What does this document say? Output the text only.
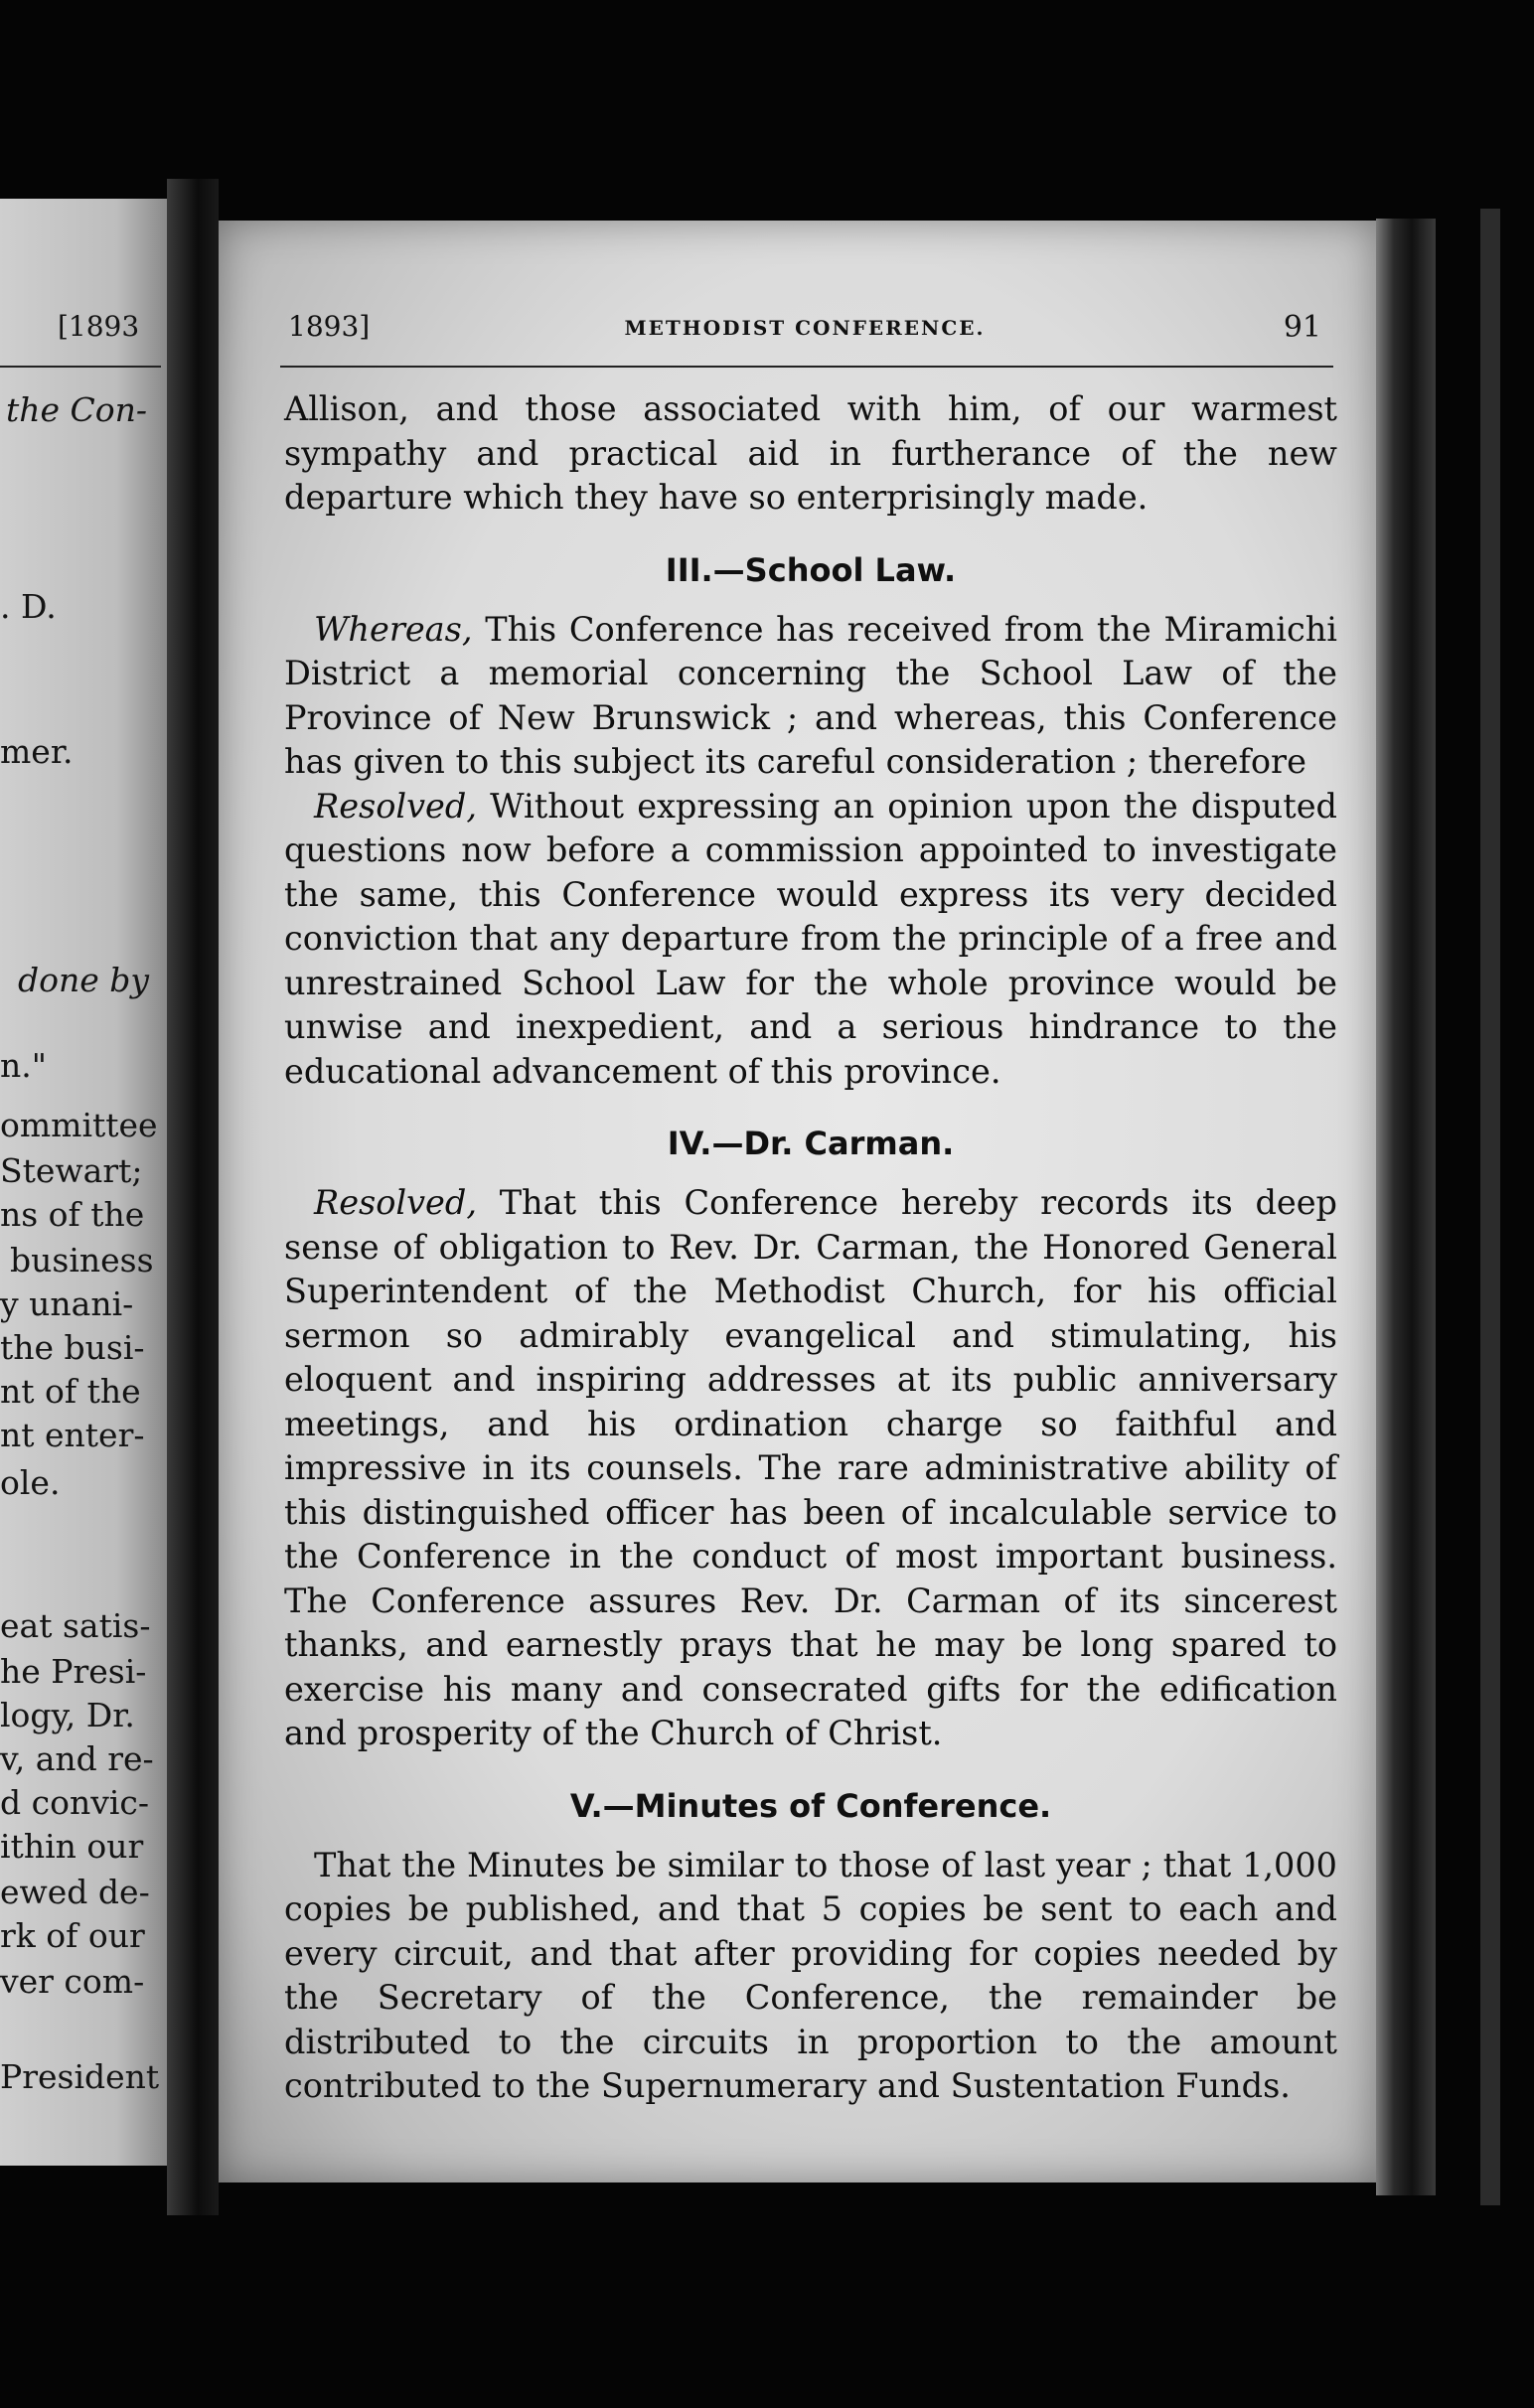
[1893
the Con-
. D.
mer.
done by
n."
ommittee
Stewart;
ns of the
business
y unani-
the busi-
nt of the
nt enter-
ole.
eat satis-
he Presi-
logy, Dr.
v, and re-
d convic-
ithin our
ewed de-
rk of our
ver com-
President
1893]	METHODIST CONFERENCE.	91

Allison, and those associated with him, of our warmest sympathy and practical aid in furtherance of the new departure which they have so enterprisingly made.

III.—School Law.

Whereas, This Conference has received from the Miramichi District a memorial concerning the School Law of the Province of New Brunswick ; and whereas, this Conference has given to this subject its careful consideration ; therefore

Resolved, Without expressing an opinion upon the disputed questions now before a commission appointed to investigate the same, this Conference would express its very decided conviction that any departure from the principle of a free and unrestrained School Law for the whole province would be unwise and inexpedient, and a serious hindrance to the educational advancement of this province.

IV.—Dr. Carman.

Resolved, That this Conference hereby records its deep sense of obligation to Rev. Dr. Carman, the Honored General Superintendent of the Methodist Church, for his official sermon so admirably evangelical and stimulating, his eloquent and inspiring addresses at its public anniversary meetings, and his ordination charge so faithful and impressive in its counsels. The rare administrative ability of this distinguished officer has been of incalculable service to the Conference in the conduct of most important business. The Conference assures Rev. Dr. Carman of its sincerest thanks, and earnestly prays that he may be long spared to exercise his many and consecrated gifts for the edification and prosperity of the Church of Christ.

V.—Minutes of Conference.

That the Minutes be similar to those of last year ; that 1,000 copies be published, and that 5 copies be sent to each and every circuit, and that after providing for copies needed by the Secretary of the Conference, the remainder be distributed to the circuits in proportion to the amount contributed to the Supernumerary and Sustentation Funds.
